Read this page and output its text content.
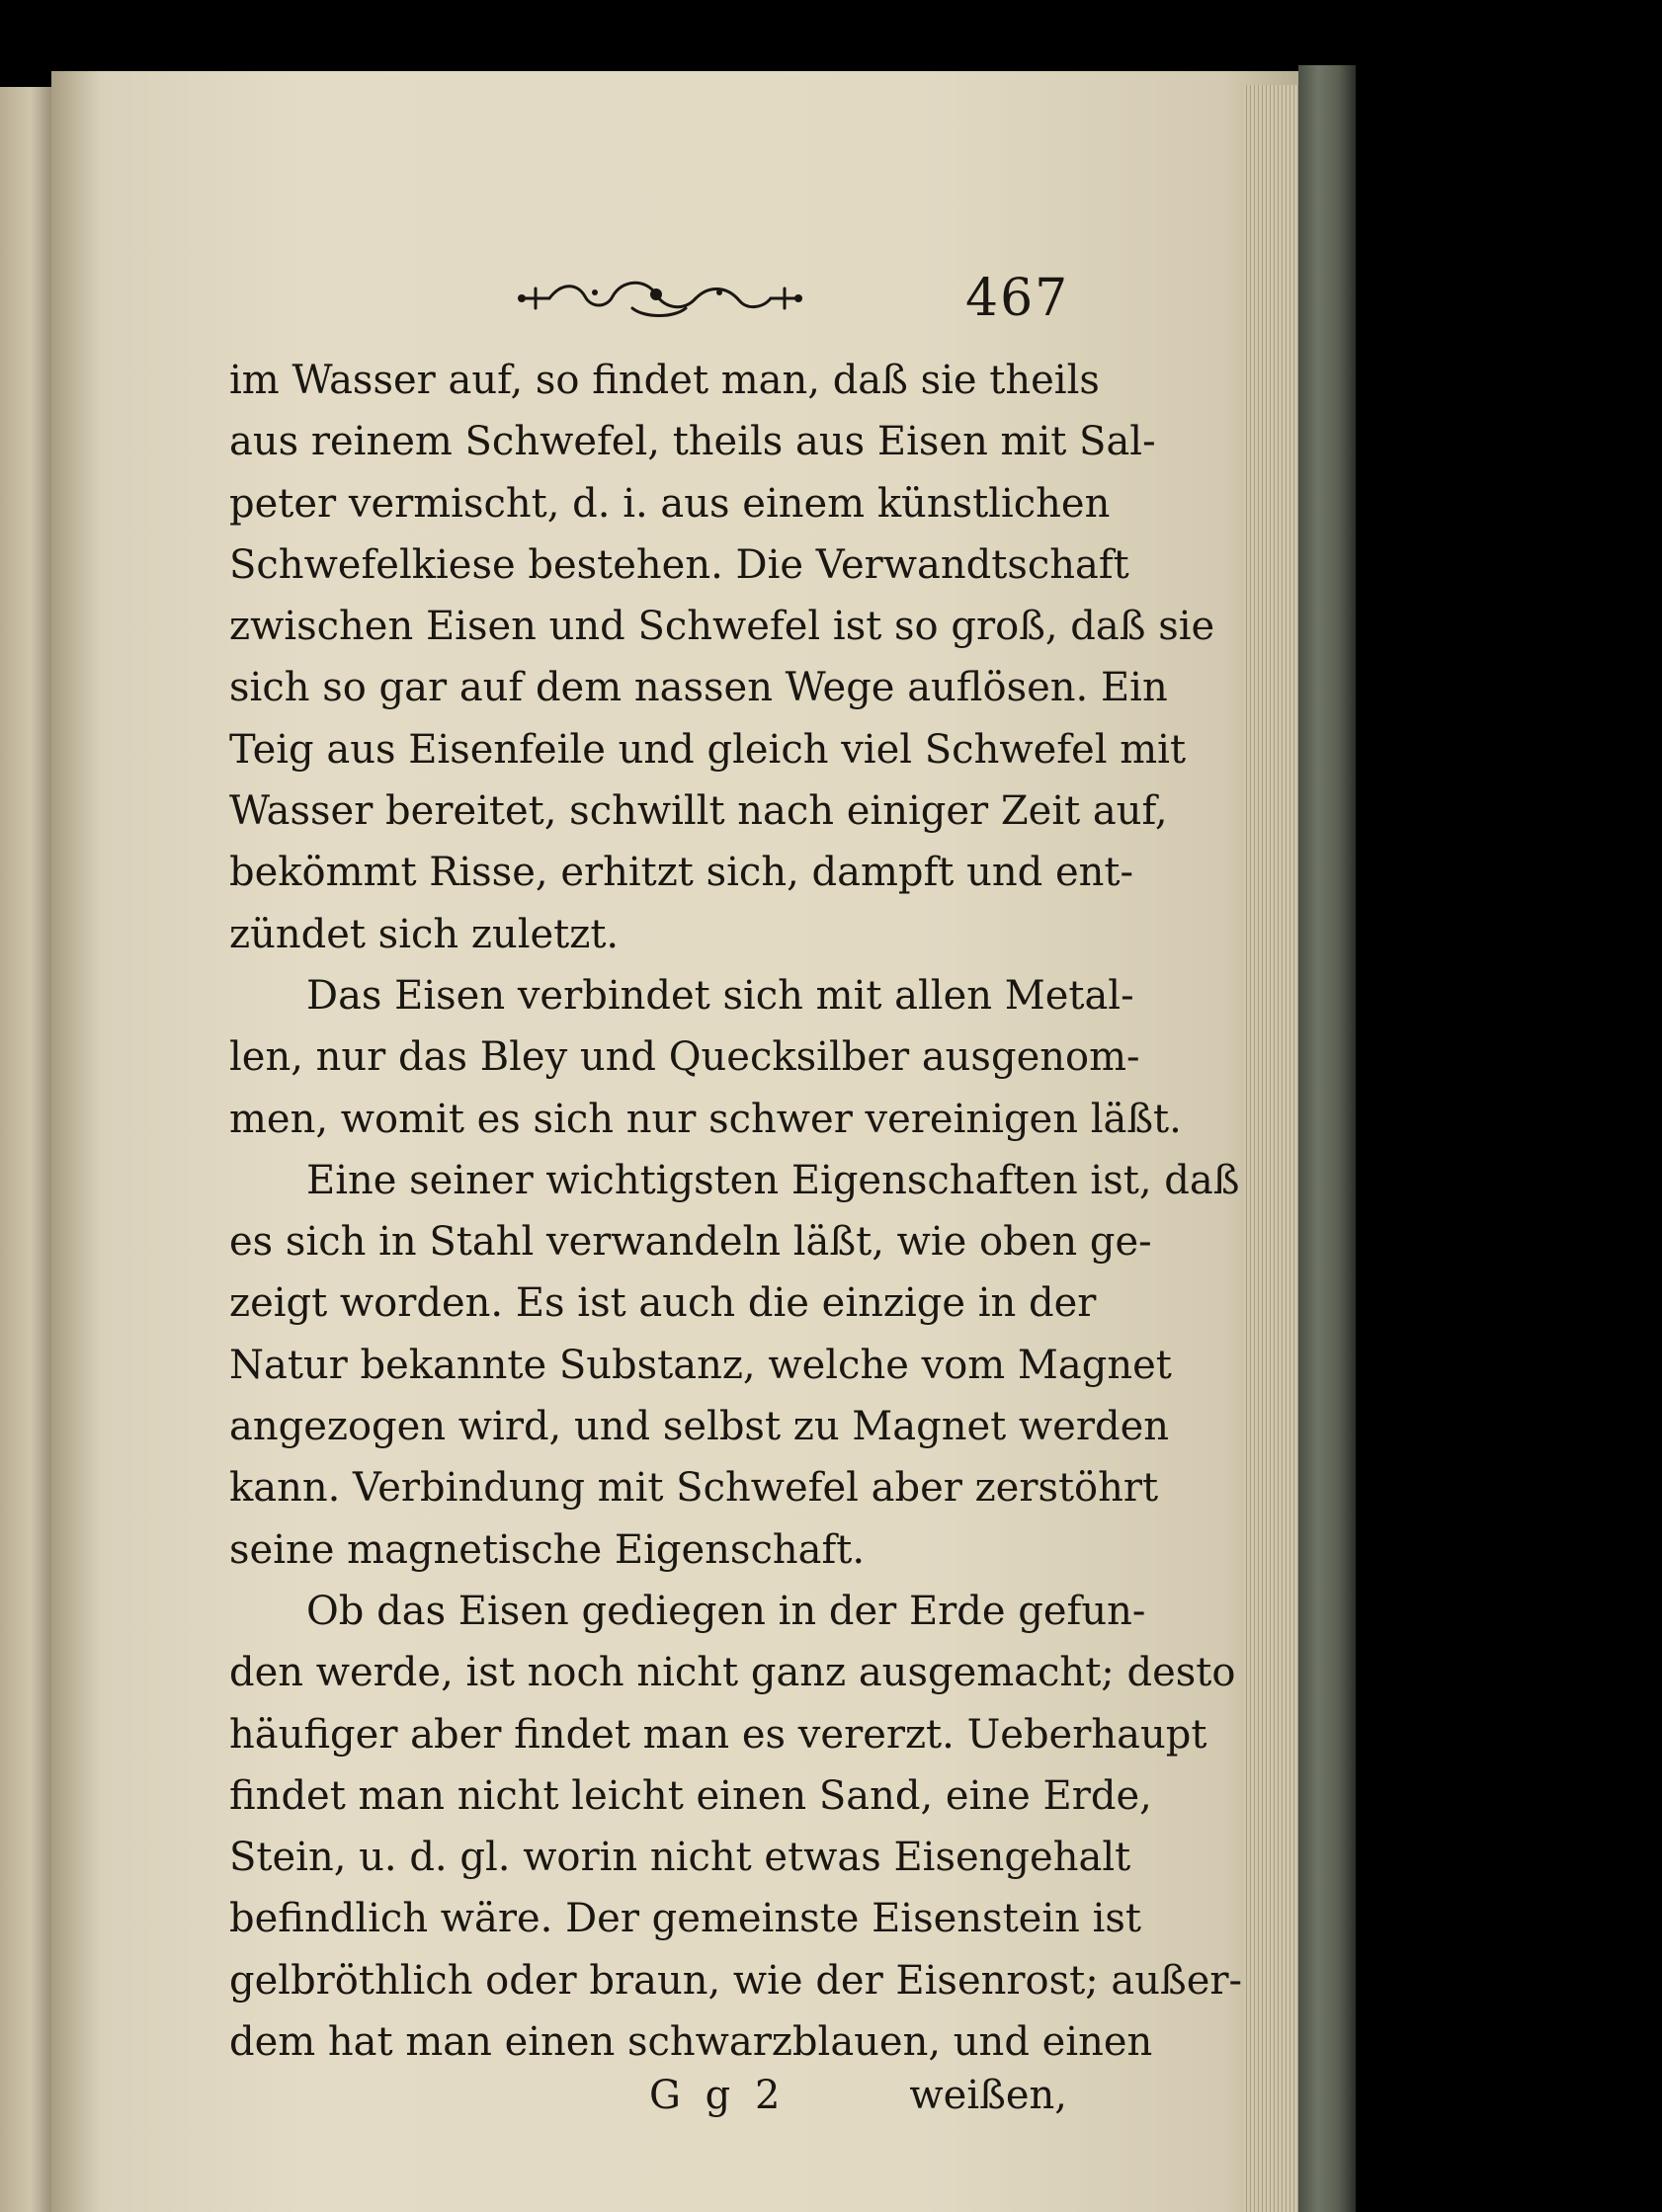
467
im Wasser auf, so findet man, daß sie theils
aus reinem Schwefel, theils aus Eisen mit Sal-
peter vermischt, d. i. aus einem künstlichen
Schwefelkiese bestehen. Die Verwandtschaft
zwischen Eisen und Schwefel ist so groß, daß sie
sich so gar auf dem nassen Wege auflösen. Ein
Teig aus Eisenfeile und gleich viel Schwefel mit
Wasser bereitet, schwillt nach einiger Zeit auf,
bekömmt Risse, erhitzt sich, dampft und ent-
zündet sich zuletzt.
Das Eisen verbindet sich mit allen Metal-
len, nur das Bley und Quecksilber ausgenom-
men, womit es sich nur schwer vereinigen läßt.
Eine seiner wichtigsten Eigenschaften ist, daß
es sich in Stahl verwandeln läßt, wie oben ge-
zeigt worden. Es ist auch die einzige in der
Natur bekannte Substanz, welche vom Magnet
angezogen wird, und selbst zu Magnet werden
kann. Verbindung mit Schwefel aber zerstöhrt
seine magnetische Eigenschaft.
Ob das Eisen gediegen in der Erde gefun-
den werde, ist noch nicht ganz ausgemacht; desto
häufiger aber findet man es vererzt. Ueberhaupt
findet man nicht leicht einen Sand, eine Erde,
Stein, u. d. gl. worin nicht etwas Eisengehalt
befindlich wäre. Der gemeinste Eisenstein ist
gelbröthlich oder braun, wie der Eisenrost; außer-
dem hat man einen schwarzblauen, und einen
G g 2	weißen,
